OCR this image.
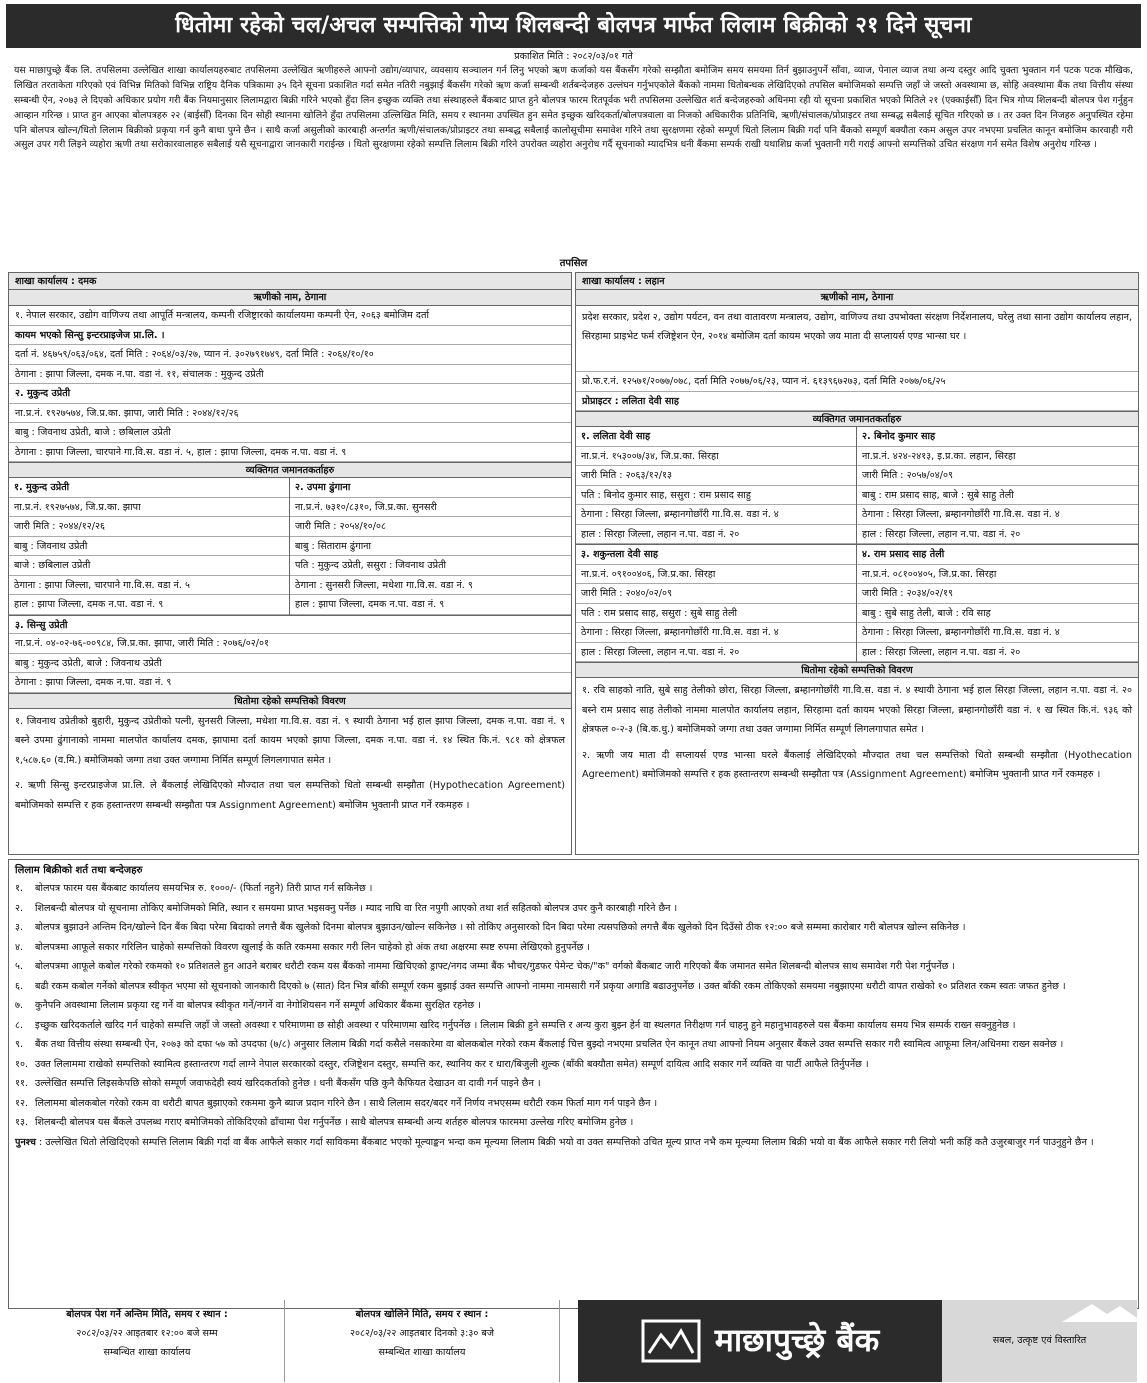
धितोमा रहेको चल/अचल सम्पत्तिको गोप्य शिलबन्दी बोलपत्र मार्फत लिलाम बिक्रीको २१ दिने सूचना
प्रकाशित मिति : २०८२/०३/०१ गते
यस माछापुच्छ्रे बैंक लि. तपसिलमा उल्लेखित शाखा कार्यालयहरुबाट तपसिलमा उल्लेखित ऋणीहरुले आफ्नो उद्योग/व्यापार, व्यवसाय सञ्चालन गर्न लिनु भएको ऋण कर्जाको यस बैंकसँग गरेको सम्झौता बमोजिम समय समयमा तिर्न बुझाउनुपर्ने साँवा, व्याज, पेनाल व्याज तथा अन्य दस्तुर आदि चुक्ता भुक्तान गर्न पटक पटक मौखिक, लिखित तरताकेता गरिएको एवं विभिन्न मितिको विभिन्न राष्ट्रिय दैनिक पत्रिकामा ३५ दिने सूचना प्रकाशित गर्दा समेत नतिरी नबुझाई बैंकसँग गरेको ऋण कर्जा सम्बन्धी शर्तबन्देजहरु उल्लंघन गर्नुभएकोले बैंकको नाममा धितोबन्धक लेखिदिएको तपसिल बमोजिमको सम्पत्ति जहाँ जे जस्तो अवस्थामा छ, सोहि अवस्थामा बैंक तथा वित्तीय संस्था सम्बन्धी ऐन, २०७३ ले दिएको अधिकार प्रयोग गरी बैंक नियमानुसार लिलामद्वारा बिक्री गरिने भएको हुँदा लिन इच्छुक व्यक्ति तथा संस्थाहरुले बैंकबाट प्राप्त हुने बोलपत्र फारम रितपूर्वक भरी तपसिलमा उल्लेखित शर्त बन्देजहरुको अधिनमा रही यो सूचना प्रकाशित भएको मितिले २१ (एक्काईसौँ) दिन भित्र गोप्य शिलबन्दी बोलपत्र पेश गर्नुहुन आव्हान गरिन्छ । प्राप्त हुन आएका बोलपत्रहरु २२ (बाईसौँ) दिनका दिन सोही स्थानमा खोलिने हुँदा तपसिलमा उल्लिखित मिति, समय र स्थानमा उपस्थित हुन समेत इच्छुक खरिदकर्ता/बोलपत्रवाला वा निजको अधिकारीक प्रतिनिधि, ऋणी/संचालक/प्रोप्राइटर तथा सम्बद्ध सबैलाई सूचित गरिएको छ । तर उक्त दिन निजहरु अनुपस्थित रहेमा पनि बोलपत्र खोल्न/धितो लिलाम बिक्रीको प्रकृया गर्न कुनै बाधा पुग्ने छैन । साथै कर्जा असुलीको कारबाही अन्तर्गत ऋणी/संचालक/प्रोप्राइटर तथा सम्बद्ध सबैलाई कालोसूचीमा समावेश गरिने तथा सुरक्षणमा रहेको सम्पूर्ण धितो लिलाम बिक्री गर्दा पनि बैंकको सम्पूर्ण बक्यौता रकम असुल उपर नभएमा प्रचलित कानून बमोजिम कारवाही गरी असुल उपर गरी लिइने व्यहोरा ऋणी तथा सरोकारवालाहरु सबैलाई यसै सूचनाद्वारा जानकारी गराईन्छ । धितो सुरक्षणमा रहेको सम्पत्ति लिलाम बिक्री गरिने उपरोक्त व्यहोरा अनुरोध गर्दै सूचनाको म्यादभित्र धनी बैंकमा सम्पर्क राखी यथाशिघ्र कर्जा भुक्तानी गरी गराई आफ्नो सम्पत्तिको उचित संरक्षण गर्न समेत विशेष अनुरोध गरिन्छ ।
तपसिल
शाखा कार्यालय : दमक
ऋणीको नाम, ठेगाना
१. नेपाल सरकार, उद्योग वाणिज्य तथा आपूर्ति मन्त्रालय, कम्पनी रजिष्ट्रारको कार्यालयमा कम्पनी ऐन, २०६३ बमोजिम दर्ता
कायम भएको सिन्सु इन्टरप्राइजेज प्रा.लि. ।
दर्ता नं. ४६७५९/०६३/०६४, दर्ता मिति : २०६४/०३/२७, प्यान नं. ३०२७९१७४९, दर्ता मिति : २०६४/१०/१०
ठेगाना : झापा जिल्ला, दमक न.पा. वडा नं. ११, संचालक : मुकुन्द उप्रेती
२. मुकुन्द उप्रेती
ना.प्र.नं. १९२७५७४, जि.प्र.का. झापा, जारी मिति : २०४४/१२/२६
बाबु : जिवनाथ उप्रेती, बाजे : छबिलाल उप्रेती
ठेगाना : झापा जिल्ला, चारपाने गा.वि.स. वडा नं. ५, हाल : झापा जिल्ला, दमक न.पा. वडा नं. ९
व्यक्तिगत जमानतकर्ताहरु
१. मुकुन्द उप्रेती
ना.प्र.नं. १९२७५७४, जि.प्र.का. झापा
जारी मिति : २०४४/१२/२६
बाबु : जिवनाथ उप्रेती
बाजे : छबिलाल उप्रेती
ठेगाना : झापा जिल्ला, चारपाने गा.वि.स. वडा नं. ५
हाल : झापा जिल्ला, दमक न.पा. वडा नं. ९
२. उपमा ढुंगाना
ना.प्र.नं. ७३१०/८३१०, जि.प्र.का. सुनसरी
जारी मिति : २०५४/१०/०८
बाबु : सिताराम ढुंगाना
पति : मुकुन्द उप्रेती, ससुरा : जिवनाथ उप्रेती
ठेगाना : सुनसरी जिल्ला, मधेशा गा.वि.स. वडा नं. ९
हाल : झापा जिल्ला, दमक न.पा. वडा नं. ९
३. सिन्सु उप्रेती
ना.प्र.नं. ०४-०२-७६-००९८४, जि.प्र.का. झापा, जारी मिति : २०७६/०२/०१
बाबु : मुकुन्द उप्रेती, बाजे : जिवनाथ उप्रेती
ठेगाना : झापा जिल्ला, दमक न.पा. वडा नं. ९
धितोमा रहेको सम्पत्तिको विवरण
१. जिवनाथ उप्रेतीको बुहारी, मुकुन्द उप्रेतीको पत्नी, सुनसरी जिल्ला, मधेशा गा.वि.स. वडा नं. ९ स्थायी ठेगाना भई हाल झापा जिल्ला, दमक न.पा. वडा नं. ९ बस्ने उपमा ढुंगानाको नाममा मालपोत कार्यालय दमक, झापामा दर्ता कायम भएको झापा जिल्ला, दमक न.पा. वडा नं. १४ स्थित कि.नं. ९८१ को क्षेत्रफल १,५८७.६० (व.मि.) बमोजिमको जग्गा तथा उक्त जग्गामा निर्मित सम्पूर्ण लिगलगापात समेत ।
२. ऋणी सिन्सु इन्टरप्राइजेज प्रा.लि. ले बैंकलाई लेखिदिएको मौज्दात तथा चल सम्पत्तिको धितो सम्बन्धी सम्झौता (Hypothecation Agreement) बमोजिमको सम्पत्ति र हक हस्तान्तरण सम्बन्धी सम्झौता पत्र Assignment Agreement) बमोजिम भुक्तानी प्राप्त गर्ने रकमहरु ।
शाखा कार्यालय : लहान
ऋणीको नाम, ठेगाना
प्रदेश सरकार, प्रदेश २, उद्योग पर्यटन, वन तथा वातावरण मन्त्रालय, उद्योग, वाणिज्य तथा उपभोक्ता संरक्षण निर्देशनालय, घरेलु तथा साना उद्योग कार्यालय लहान, सिरहामा प्राइभेट फर्म रजिष्ट्रेशन ऐन, २०१४ बमोजिम दर्ता कायम भएको जय माता दी सप्लायर्स एण्ड भान्सा घर ।
प्रो.फ.र.नं. १२५७१/२०७७/०७८, दर्ता मिति २०७७/०६/२३, प्यान नं. ६१३९६७२७३, दर्ता मिति २०७७/०६/२५
प्रोप्राइटर : ललिता देवी साह
व्यक्तिगत जमानतकर्ताहरु
१. ललिता देवी साह
ना.प्र.नं. १५३००७/३४, जि.प्र.का. सिरहा
जारी मिति : २०६३/१२/१३
पति : बिनोद कुमार साह, ससुरा : राम प्रसाद साहु
ठेगाना : सिरहा जिल्ला, ब्रम्हानगोछाँरी गा.वि.स. वडा नं. ४
हाल : सिरहा जिल्ला, लहान न.पा. वडा नं. २०
२. बिनोद कुमार साह
ना.प्र.नं. ४२४-२४१३, इ.प्र.का. लहान, सिरहा
जारी मिति : २०५७/०४/०९
बाबु : राम प्रसाद साह, बाजे : सुबे साहु तेली
ठेगाना : सिरहा जिल्ला, ब्रम्हानगोछाँरी गा.वि.स. वडा नं. ४
हाल : सिरहा जिल्ला, लहान न.पा. वडा नं. २०
३. शकुन्तला देवी साह
ना.प्र.नं. ०९१००४०६, जि.प्र.का. सिरहा
जारी मिति : २०४०/०२/०९
पति : राम प्रसाद साह, ससुरा : सुबे साहु तेली
ठेगाना : सिरहा जिल्ला, ब्रम्हानगोछाँरी गा.वि.स. वडा नं. ४
हाल : सिरहा जिल्ला, लहान न.पा. वडा नं. २०
४. राम प्रसाद साह तेली
ना.प्र.नं. ०८१००४०५, जि.प्र.का. सिरहा
जारी मिति : २०३४/०२/१९
बाबु : सुबे साहु तेली, बाजे : रवि साह
ठेगाना : सिरहा जिल्ला, ब्रम्हानगोछाँरी गा.वि.स. वडा नं. ४
हाल : सिरहा जिल्ला, लहान न.पा. वडा नं. २०
धितोमा रहेको सम्पत्तिको विवरण
१. रवि साहको नाति, सुबे साहु तेलीको छोरा, सिरहा जिल्ला, ब्रम्हानगोछाँरी गा.वि.स. वडा नं. ४ स्थायी ठेगाना भई हाल सिरहा जिल्ला, लहान न.पा. वडा नं. २० बस्ने राम प्रसाद साह तेलीको नाममा मालपोत कार्यालय लहान, सिरहामा दर्ता कायम भएको सिरहा जिल्ला, ब्रम्हानगोछाँरी वडा नं. १ ख स्थित कि.नं. ९३६ को क्षेत्रफल ०-२-३ (बि.क.धु.) बमोजिमको जग्गा तथा उक्त जग्गामा निर्मित सम्पूर्ण लिगलगापात समेत ।
२. ऋणी जय माता दी सप्लायर्स एण्ड भान्सा घरले बैंकलाई लेखिदिएको मौज्दात तथा चल सम्पत्तिको धितो सम्बन्धी सम्झौता (Hyothecation Agreement) बमोजिमको सम्पत्ति र हक हस्तान्तरण सम्बन्धी सम्झौता पत्र (Assignment Agreement) बमोजिम भुक्तानी प्राप्त गर्ने रकमहरु ।
लिलाम बिक्रीको शर्त तथा बन्देजहरु
१.	बोलपत्र फारम यस बैंकबाट कार्यालय समयभित्र रु. १०००/- (फिर्ता नहुने) तिरी प्राप्त गर्न सकिनेछ ।
२.	शिलबन्दी बोलपत्र यो सूचनामा तोकिए बमोजिमको मिति, स्थान र समयमा प्राप्त भइसक्नु पर्नेछ । म्याद नाघि वा रित नपुगी आएको तथा शर्त सहितको बोलपत्र उपर कुनै कारबाही गरिने छैन ।
३.	बोलपत्र बुझाउने अन्तिम दिन/खोल्ने दिन बैंक बिदा परेमा बिदाको लगत्तै बैंक खुलेको दिनमा बोलपत्र बुझाउन/खोल्न सकिनेछ । सो तोकिए अनुसारको दिन बिदा परेमा त्यसपछिको लगत्तै बैंक खुलेको दिन दिउँसो ठीक १२:०० बजे सम्ममा कारोबार गरी बोलपत्र खोल्न सकिनेछ ।
४.	बोलपत्रमा आफूले सकार गरिलिन चाहेको सम्पत्तिको विवरण खुलाई के कति रकममा सकार गरी लिन चाहेको हो अंक तथा अक्षरमा स्पष्ट रुपमा लेखिएको हुनुपर्नेछ ।
५.	बोलपत्रमा आफूले कबोल गरेको रकमको १० प्रतिशतले हुन आउने बराबर धरौटी रकम यस बैंकको नाममा खिचिएको ड्राफ्ट/नगद जम्मा बैंक भौचर/गुडफर पेमेन्ट चेक/"क" वर्गको बैंकबाट जारी गरिएको बैंक जमानत समेत शिलबन्दी बोलपत्र साथ समावेश गरी पेश गर्नुपर्नेछ ।
६.	बढी रकम कबोल गर्नेको बोलपत्र स्वीकृत भएमा सो सूचनाको जानकारी दिएको ७ (सात) दिन भित्र बाँकी सम्पूर्ण रकम बुझाई उक्त सम्पत्ति आफ्नो नाममा नामसारी गर्ने प्रकृया अगाडि बढाउनुपर्नेछ । उक्त बाँकी रकम तोकिएको समयमा नबुझाएमा धरौटी वापत राखेको १० प्रतिशत रकम स्वतः जफत हुनेछ ।
७.	कुनैपनि अवस्थामा लिलाम प्रकृया रद्द गर्ने वा बोलपत्र स्वीकृत गर्ने/नगर्ने वा नेगोशियसन गर्ने सम्पूर्ण अधिकार बैंकमा सुरक्षित रहनेछ ।
८.	इच्छुक खरिदकर्ताले खरिद गर्न चाहेको सम्पत्ति जहाँ जे जस्तो अवस्था र परिमाणमा छ सोही अवस्था र परिमाणमा खरिद गर्नुपर्नेछ । लिलाम बिक्री हुने सम्पत्ति र अन्य कुरा बुझ्न हेर्न वा स्थलगत निरीक्षण गर्न चाहनु हुने महानुभावहरुले यस बैंकमा कार्यालय समय भित्र सम्पर्क राख्न सक्नुहुनेछ ।
९.	बैंक तथा वित्तीय संस्था सम्बन्धी ऐन, २०७३ को दफा ५७ को उपदफा (७/८) अनुसार लिलाम बिक्री गर्दा कसैले नसकारेमा वा बोलकबोल गरेको रकम बैंकलाई चित्त बुझ्दो नभएमा प्रचलित ऐन कानून तथा आफ्नो नियम अनुसार बैंकले उक्त सम्पत्ति सकार गरी स्वामित्व आफूमा लिन/अधिनमा राख्न सक्नेछ ।
१०. उक्त लिलाममा राखेको सम्पत्तिको स्वामित्व हस्तान्तरण गर्दा लाग्ने नेपाल सरकारको दस्तुर, रजिष्ट्रेशन दस्तुर, सम्पत्ति कर, स्थानिय कर र धारा/बिजुली शुल्क (बाँकी बक्यौता समेत) सम्पूर्ण दायित्व आदि सकार गर्ने व्यक्ति वा पार्टी आफैले तिर्नुपर्नेछ ।
११. उल्लेखित सम्पत्ति लिइसकेपछि सोको सम्पूर्ण जवाफदेही स्वयं खरिदकर्ताको हुनेछ । धनी बैंकसँग पछि कुनै कैफियत देखाउन वा दावी गर्न पाइने छैन ।
१२. लिलाममा बोलकबोल गरेको रकम वा धरौटी बापत बुझाएको रकममा कुनै ब्याज प्रदान गरिने छैन । साथै लिलाम सदर/बदर गर्ने निर्णय नभएसम्म धरौटी रकम फिर्ता माग गर्न पाइने छैन ।
१३. शिलबन्दी बोलपत्र यस बैंकले उपलब्ध गराए बमोजिमको तोकिदिएको ढाँचामा पेश गर्नुपर्नेछ । साथै बोलपत्र सम्बन्धी अन्य शर्तहरु बोलपत्र फारममा उल्लेख गरिए बमोजिम हुनेछ ।
पुनश्च : उल्लेखित धितो लेखिदिएको सम्पत्ति लिलाम बिक्री गर्दा वा बैंक आफैले सकार गर्दा साविकमा बैंकबाट भएको मूल्याङ्कन भन्दा कम मूल्यमा लिलाम बिक्री भयो वा उक्त सम्पत्तिको उचित मूल्य प्राप्त नभै कम मूल्यमा लिलाम बिक्री भयो वा बैंक आफैले सकार गरी लियो भनी कहिं कतै उजुरबाजुर गर्न पाउनुहुने छैन ।
बोलपत्र पेश गर्ने अन्तिम मिति, समय र स्थान :
२०८२/०३/२२ आइतबार १२:०० बजे सम्म
सम्बन्धित शाखा कार्यालय
बोलपत्र खोलिने मिति, समय र स्थान :
२०८२/०३/२२ आइतबार दिनको ३:३० बजे
सम्बन्धित शाखा कार्यालय	माछापुच्छ्रे बैंक	सबल, उत्कृष्ट एवं विस्तारित
